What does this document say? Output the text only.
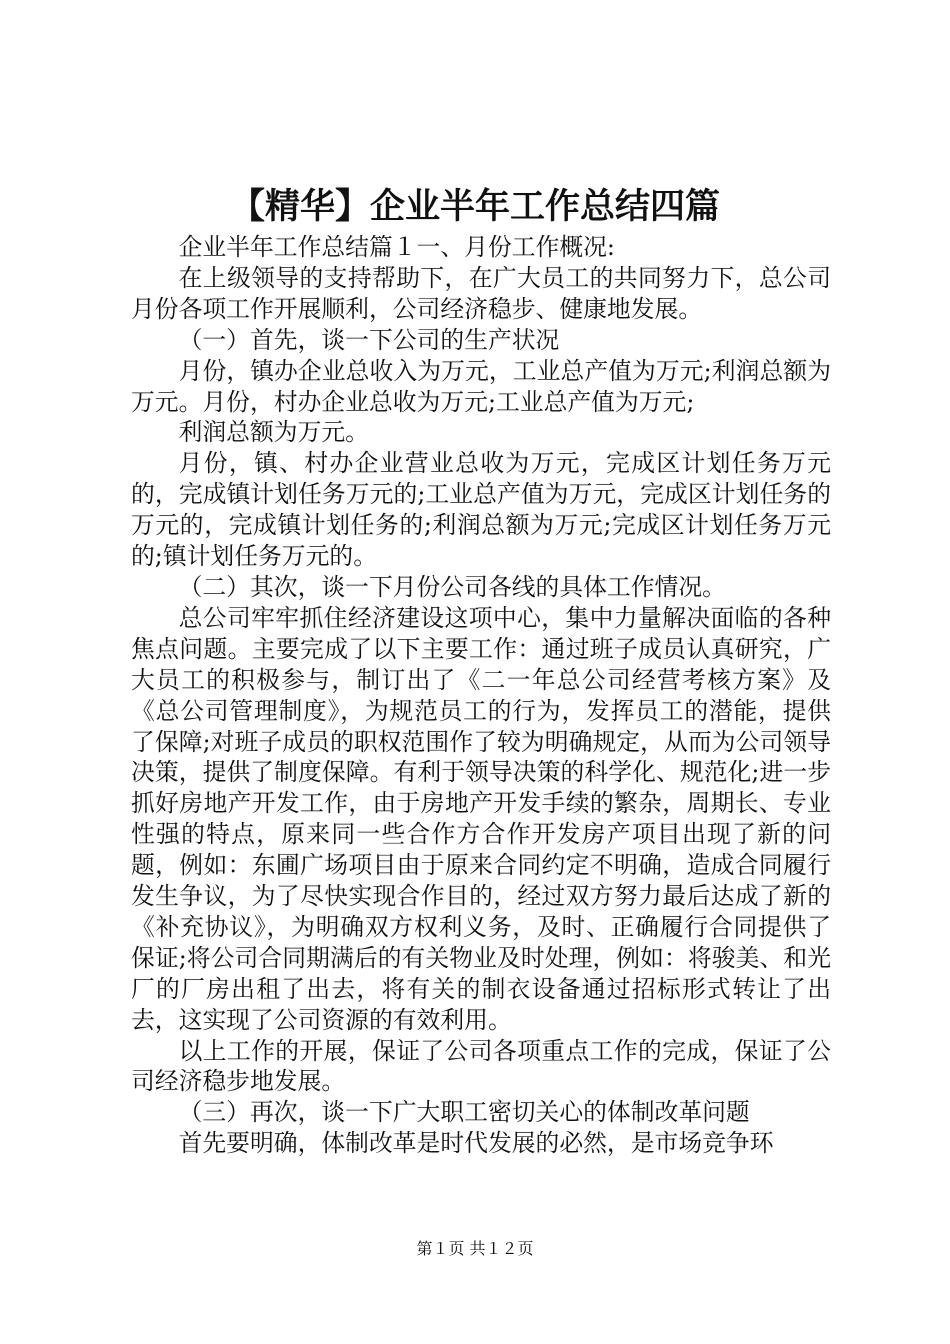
【精华】企业半年工作总结四篇

企业半年工作总结篇１一、月份工作概况:

在上级领导的支持帮助下，在广大员工的共同努力下，总公司月份各项工作开展顺利，公司经济稳步、健康地发展。

（一）首先，谈一下公司的生产状况

月份，镇办企业总收入为万元，工业总产值为万元;利润总额为万元。月份，村办企业总收为万元;工业总产值为万元;

利润总额为万元。

月份，镇、村办企业营业总收为万元，完成区计划任务万元的，完成镇计划任务万元的;工业总产值为万元，完成区计划任务的万元的，完成镇计划任务的;利润总额为万元;完成区计划任务万元的;镇计划任务万元的。

（二）其次，谈一下月份公司各线的具体工作情况。

总公司牢牢抓住经济建设这项中心，集中力量解决面临的各种焦点问题。主要完成了以下主要工作：通过班子成员认真研究，广大员工的积极参与，制订出了《二一年总公司经营考核方案》及《总公司管理制度》，为规范员工的行为，发挥员工的潜能，提供了保障;对班子成员的职权范围作了较为明确规定，从而为公司领导决策，提供了制度保障。有利于领导决策的科学化、规范化;进一步抓好房地产开发工作，由于房地产开发手续的繁杂，周期长、专业性强的特点，原来同一些合作方合作开发房产项目出现了新的问题，例如：东圃广场项目由于原来合同约定不明确，造成合同履行发生争议，为了尽快实现合作目的，经过双方努力最后达成了新的《补充协议》，为明确双方权利义务，及时、正确履行合同提供了保证;将公司合同期满后的有关物业及时处理，例如：将骏美、和光厂的厂房出租了出去，将有关的制衣设备通过招标形式转让了出去，这实现了公司资源的有效利用。

以上工作的开展，保证了公司各项重点工作的完成，保证了公司经济稳步地发展。

（三）再次，谈一下广大职工密切关心的体制改革问题

首先要明确，体制改革是时代发展的必然，是市场竞争环

第１页 共１２页
